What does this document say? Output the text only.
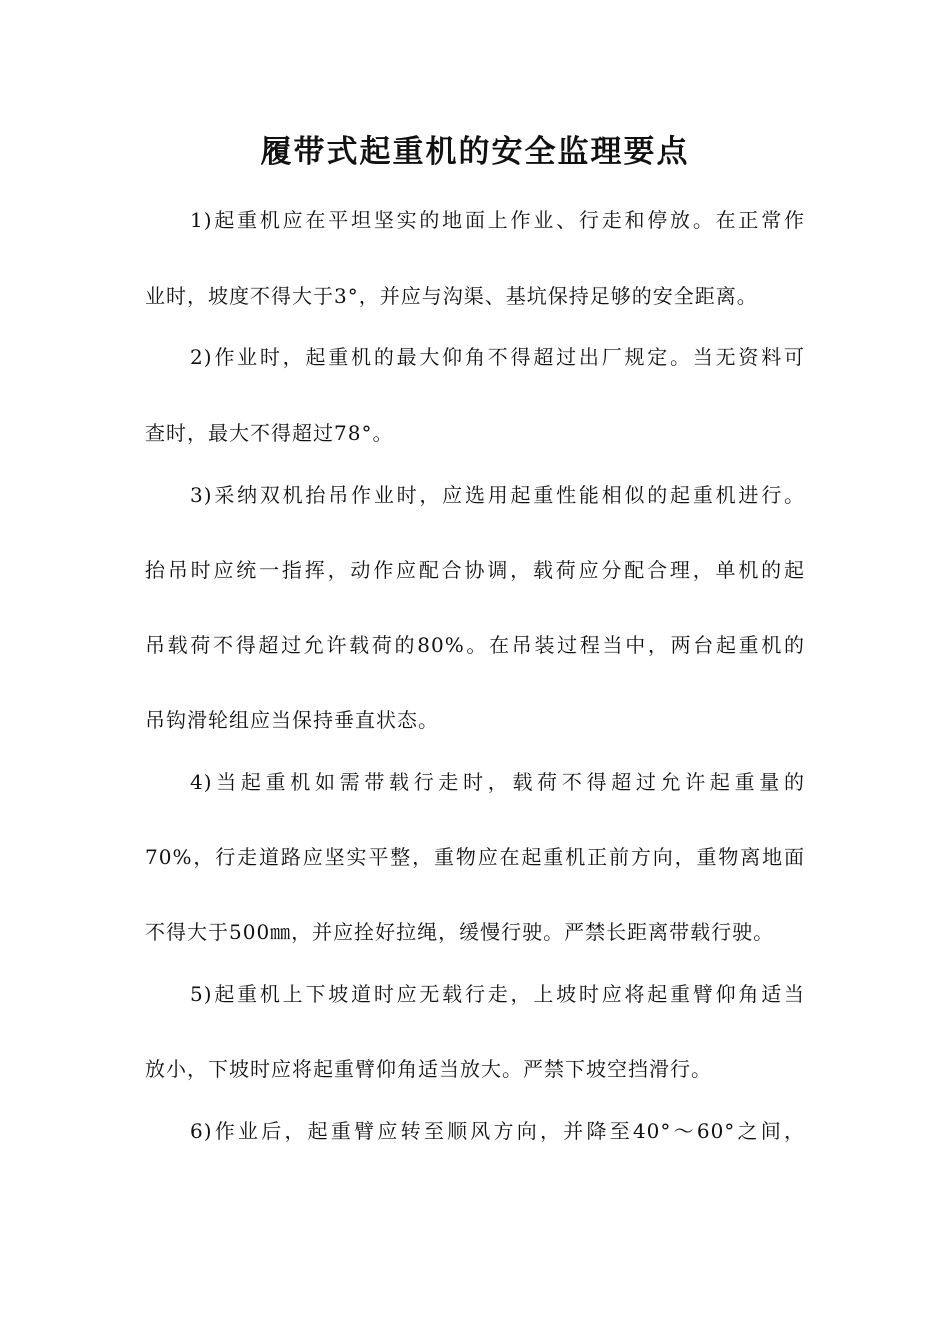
履带式起重机的安全监理要点
1)起重机应在平坦坚实的地面上作业、行走和停放。在正常作
业时，坡度不得大于3°，并应与沟渠、基坑保持足够的安全距离。
2)作业时，起重机的最大仰角不得超过出厂规定。当无资料可
查时，最大不得超过78°。
3)采纳双机抬吊作业时，应选用起重性能相似的起重机进行。
抬吊时应统一指挥，动作应配合协调，载荷应分配合理，单机的起
吊载荷不得超过允许载荷的80%。在吊装过程当中，两台起重机的
吊钩滑轮组应当保持垂直状态。
4)当起重机如需带载行走时，载荷不得超过允许起重量的
70%，行走道路应坚实平整，重物应在起重机正前方向，重物离地面
不得大于500㎜，并应拴好拉绳，缓慢行驶。严禁长距离带载行驶。
5)起重机上下坡道时应无载行走，上坡时应将起重臂仰角适当
放小，下坡时应将起重臂仰角适当放大。严禁下坡空挡滑行。
6)作业后，起重臂应转至顺风方向，并降至40°～60°之间，
